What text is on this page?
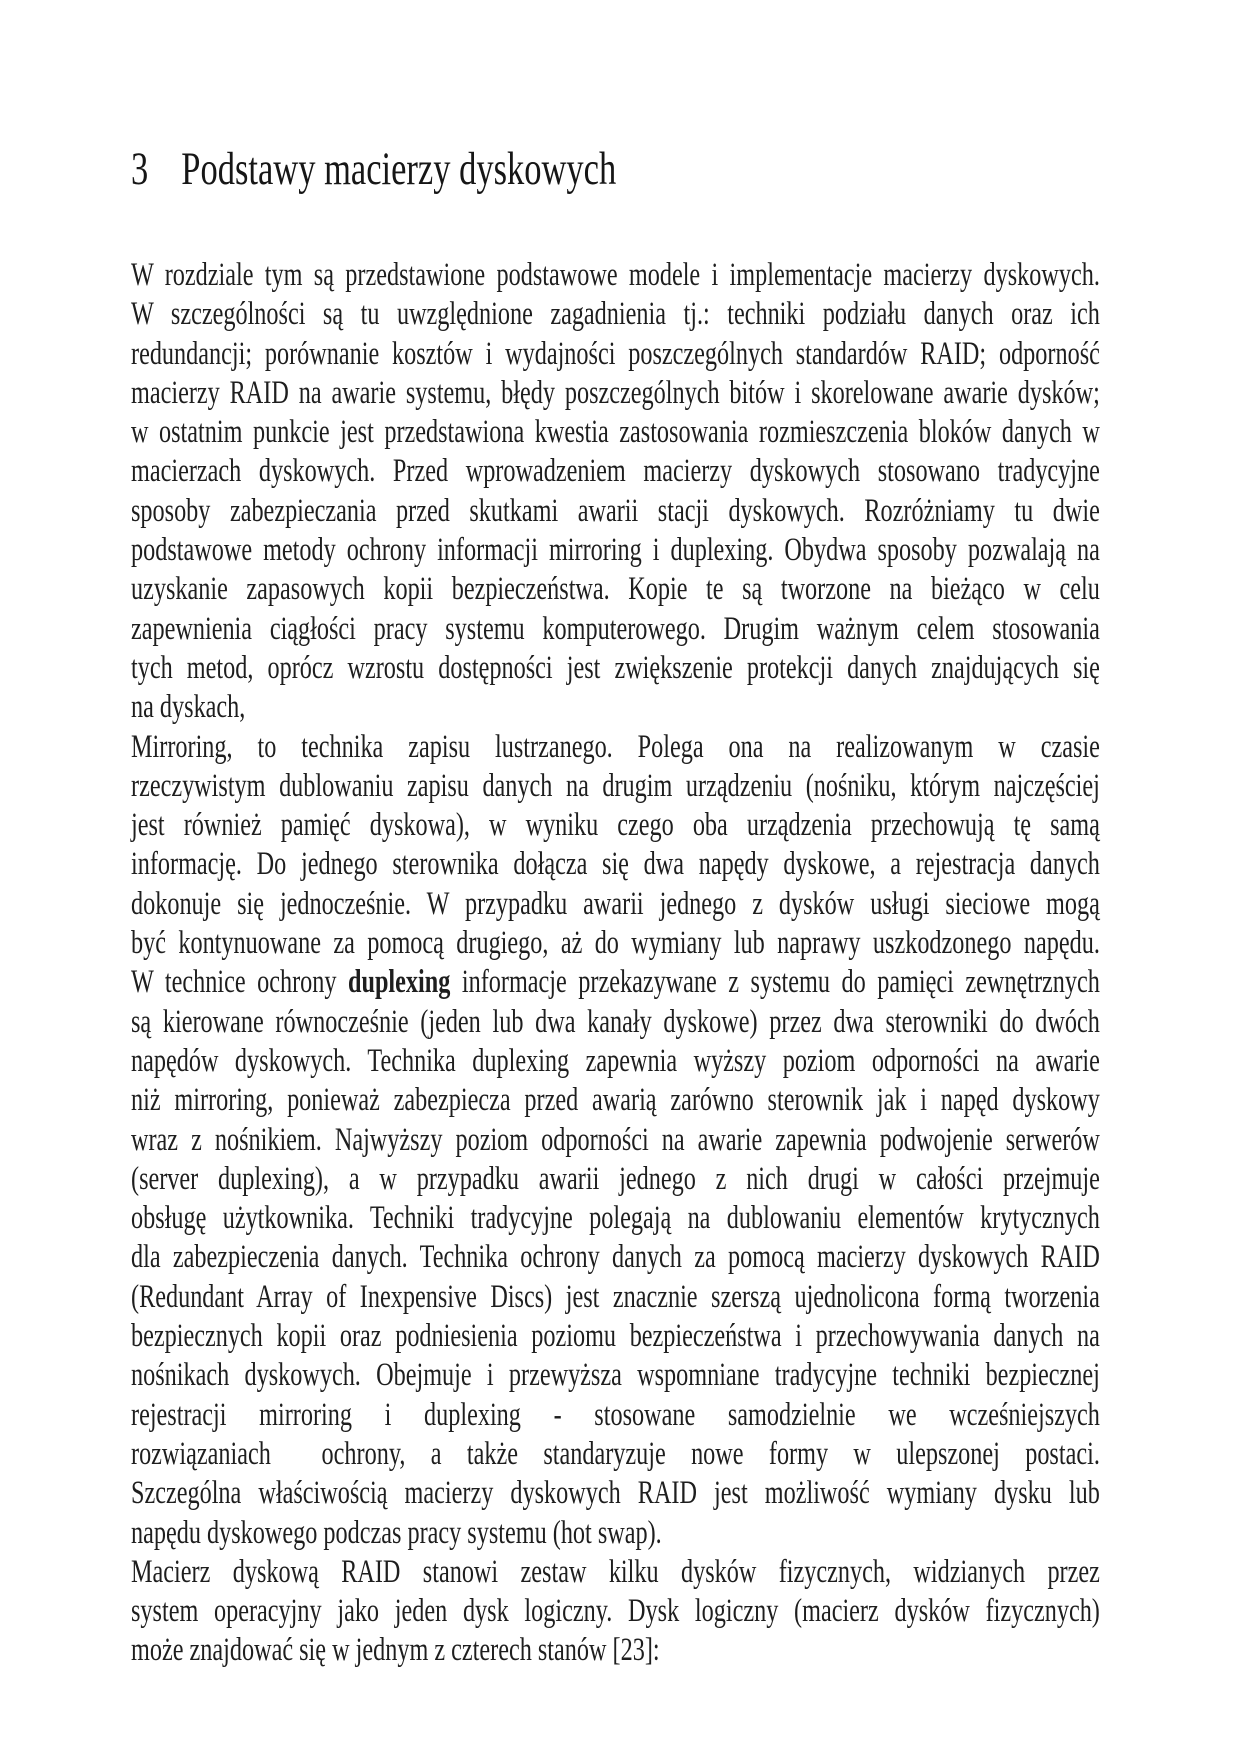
3 Podstawy macierzy dyskowych
W rozdziale tym są przedstawione podstawowe modele i implementacje macierzy dyskowych.
W szczególności są tu uwzględnione zagadnienia tj.: techniki podziału danych oraz ich
redundancji; porównanie kosztów i wydajności poszczególnych standardów RAID; odporność
macierzy RAID na awarie systemu, błędy poszczególnych bitów i skorelowane awarie dysków;
w ostatnim punkcie jest przedstawiona kwestia zastosowania rozmieszczenia bloków danych w
macierzach dyskowych. Przed wprowadzeniem macierzy dyskowych stosowano tradycyjne
sposoby zabezpieczania przed skutkami awarii stacji dyskowych. Rozróżniamy tu dwie
podstawowe metody ochrony informacji mirroring i duplexing. Obydwa sposoby pozwalają na
uzyskanie zapasowych kopii bezpieczeństwa. Kopie te są tworzone na bieżąco w celu
zapewnienia ciągłości pracy systemu komputerowego. Drugim ważnym celem stosowania
tych metod, oprócz wzrostu dostępności jest zwiększenie protekcji danych znajdujących się
na dyskach,
Mirroring, to technika zapisu lustrzanego. Polega ona na realizowanym w czasie
rzeczywistym dublowaniu zapisu danych na drugim urządzeniu (nośniku, którym najczęściej
jest również pamięć dyskowa), w wyniku czego oba urządzenia przechowują tę samą
informację. Do jednego sterownika dołącza się dwa napędy dyskowe, a rejestracja danych
dokonuje się jednocześnie. W przypadku awarii jednego z dysków usługi sieciowe mogą
być kontynuowane za pomocą drugiego, aż do wymiany lub naprawy uszkodzonego napędu.
W technice ochrony duplexing informacje przekazywane z systemu do pamięci zewnętrznych
są kierowane równocześnie (jeden lub dwa kanały dyskowe) przez dwa sterowniki do dwóch
napędów dyskowych. Technika duplexing zapewnia wyższy poziom odporności na awarie
niż mirroring, ponieważ zabezpiecza przed awarią zarówno sterownik jak i napęd dyskowy
wraz z nośnikiem. Najwyższy poziom odporności na awarie zapewnia podwojenie serwerów
(server duplexing), a w przypadku awarii jednego z nich drugi w całości przejmuje
obsługę użytkownika. Techniki tradycyjne polegają na dublowaniu elementów krytycznych
dla zabezpieczenia danych. Technika ochrony danych za pomocą macierzy dyskowych RAID
(Redundant Array of Inexpensive Discs) jest znacznie szerszą ujednolicona formą tworzenia
bezpiecznych kopii oraz podniesienia poziomu bezpieczeństwa i przechowywania danych na
nośnikach dyskowych. Obejmuje i przewyższa wspomniane tradycyjne techniki bezpiecznej
rejestracji mirroring i duplexing - stosowane samodzielnie we wcześniejszych
rozwiązaniach  ochrony, a także standaryzuje nowe formy w ulepszonej postaci.
Szczególna właściwością macierzy dyskowych RAID jest możliwość wymiany dysku lub
napędu dyskowego podczas pracy systemu (hot swap).
Macierz dyskową RAID stanowi zestaw kilku dysków fizycznych, widzianych przez
system operacyjny jako jeden dysk logiczny. Dysk logiczny (macierz dysków fizycznych)
może znajdować się w jednym z czterech stanów [23]:
